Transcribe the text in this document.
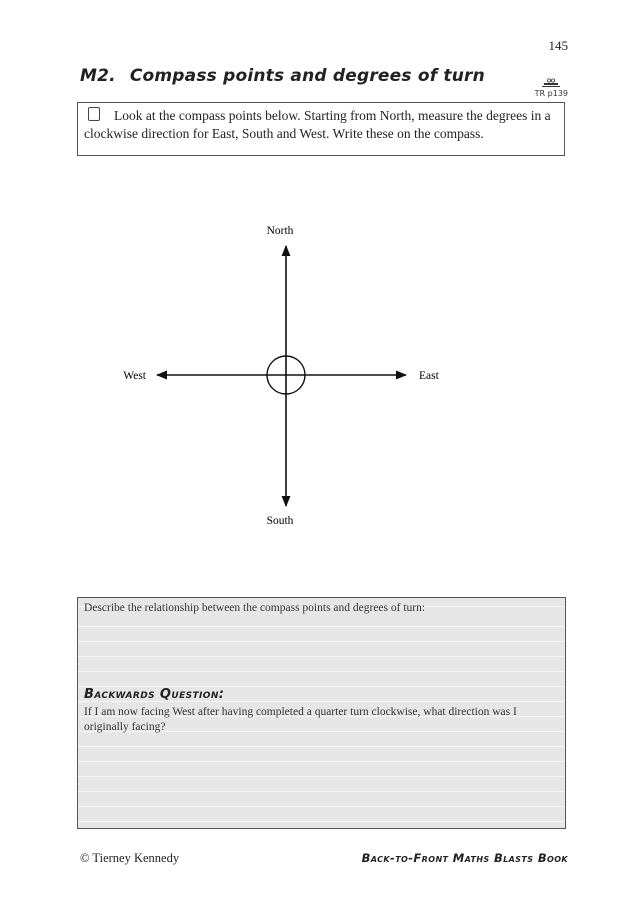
145
M2. Compass points and degrees of turn
TR p139
Look at the compass points below. Starting from North, measure the degrees in a clockwise direction for East, South and West. Write these on the compass.
North
South
East
West
Describe the relationship between the compass points and degrees of turn:
Backwards Question:
If I am now facing West after having completed a quarter turn clockwise, what direction was I originally facing?
© Tierney Kennedy	Back-to-Front Maths Blasts Book
